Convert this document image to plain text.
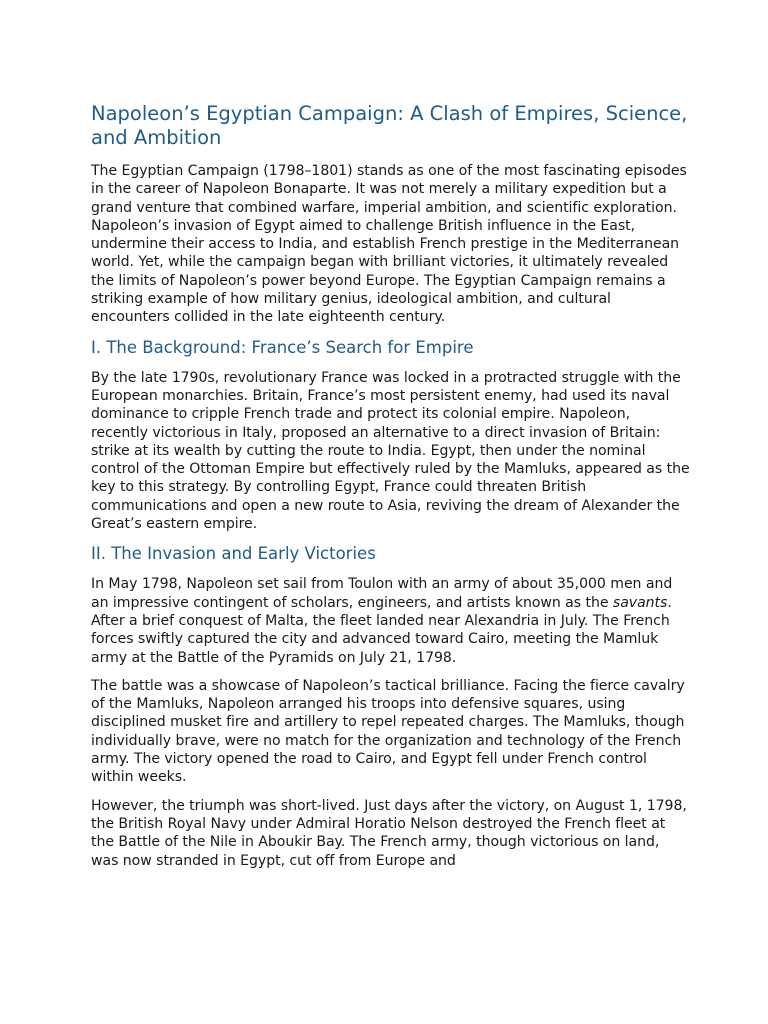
Napoleon’s Egyptian Campaign: A Clash of Empires, Science, and Ambition

The Egyptian Campaign (1798–1801) stands as one of the most fascinating episodes in the career of Napoleon Bonaparte. It was not merely a military expedition but a grand venture that combined warfare, imperial ambition, and scientific exploration. Napoleon’s invasion of Egypt aimed to challenge British influence in the East, undermine their access to India, and establish French prestige in the Mediterranean world. Yet, while the campaign began with brilliant victories, it ultimately revealed the limits of Napoleon’s power beyond Europe. The Egyptian Campaign remains a striking example of how military genius, ideological ambition, and cultural encounters collided in the late eighteenth century.

I. The Background: France’s Search for Empire

By the late 1790s, revolutionary France was locked in a protracted struggle with the European monarchies. Britain, France’s most persistent enemy, had used its naval dominance to cripple French trade and protect its colonial empire. Napoleon, recently victorious in Italy, proposed an alternative to a direct invasion of Britain: strike at its wealth by cutting the route to India. Egypt, then under the nominal control of the Ottoman Empire but effectively ruled by the Mamluks, appeared as the key to this strategy. By controlling Egypt, France could threaten British communications and open a new route to Asia, reviving the dream of Alexander the Great’s eastern empire.

II. The Invasion and Early Victories

In May 1798, Napoleon set sail from Toulon with an army of about 35,000 men and an impressive contingent of scholars, engineers, and artists known as the savants. After a brief conquest of Malta, the fleet landed near Alexandria in July. The French forces swiftly captured the city and advanced toward Cairo, meeting the Mamluk army at the Battle of the Pyramids on July 21, 1798.

The battle was a showcase of Napoleon’s tactical brilliance. Facing the fierce cavalry of the Mamluks, Napoleon arranged his troops into defensive squares, using disciplined musket fire and artillery to repel repeated charges. The Mamluks, though individually brave, were no match for the organization and technology of the French army. The victory opened the road to Cairo, and Egypt fell under French control within weeks.

However, the triumph was short-lived. Just days after the victory, on August 1, 1798, the British Royal Navy under Admiral Horatio Nelson destroyed the French fleet at the Battle of the Nile in Aboukir Bay. The French army, though victorious on land, was now stranded in Egypt, cut off from Europe and
